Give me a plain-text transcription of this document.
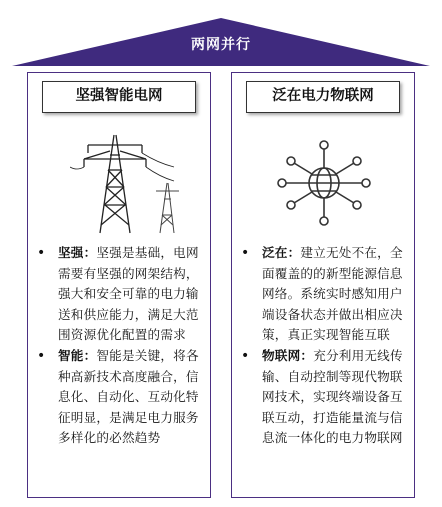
两网并行
坚强智能电网
• 坚强：坚强是基础，电网需要有坚强的网架结构，强大和安全可靠的电力输送和供应能力，满足大范围资源优化配置的需求
• 智能：智能是关键，将各种高新技术高度融合，信息化、自动化、互动化特征明显，是满足电力服务多样化的必然趋势
泛在电力物联网
• 泛在：建立无处不在，全面覆盖的的新型能源信息网络。系统实时感知用户端设备状态并做出相应决策，真正实现智能互联
• 物联网：充分利用无线传输、自动控制等现代物联网技术，实现终端设备互联互动，打造能量流与信息流一体化的电力物联网
